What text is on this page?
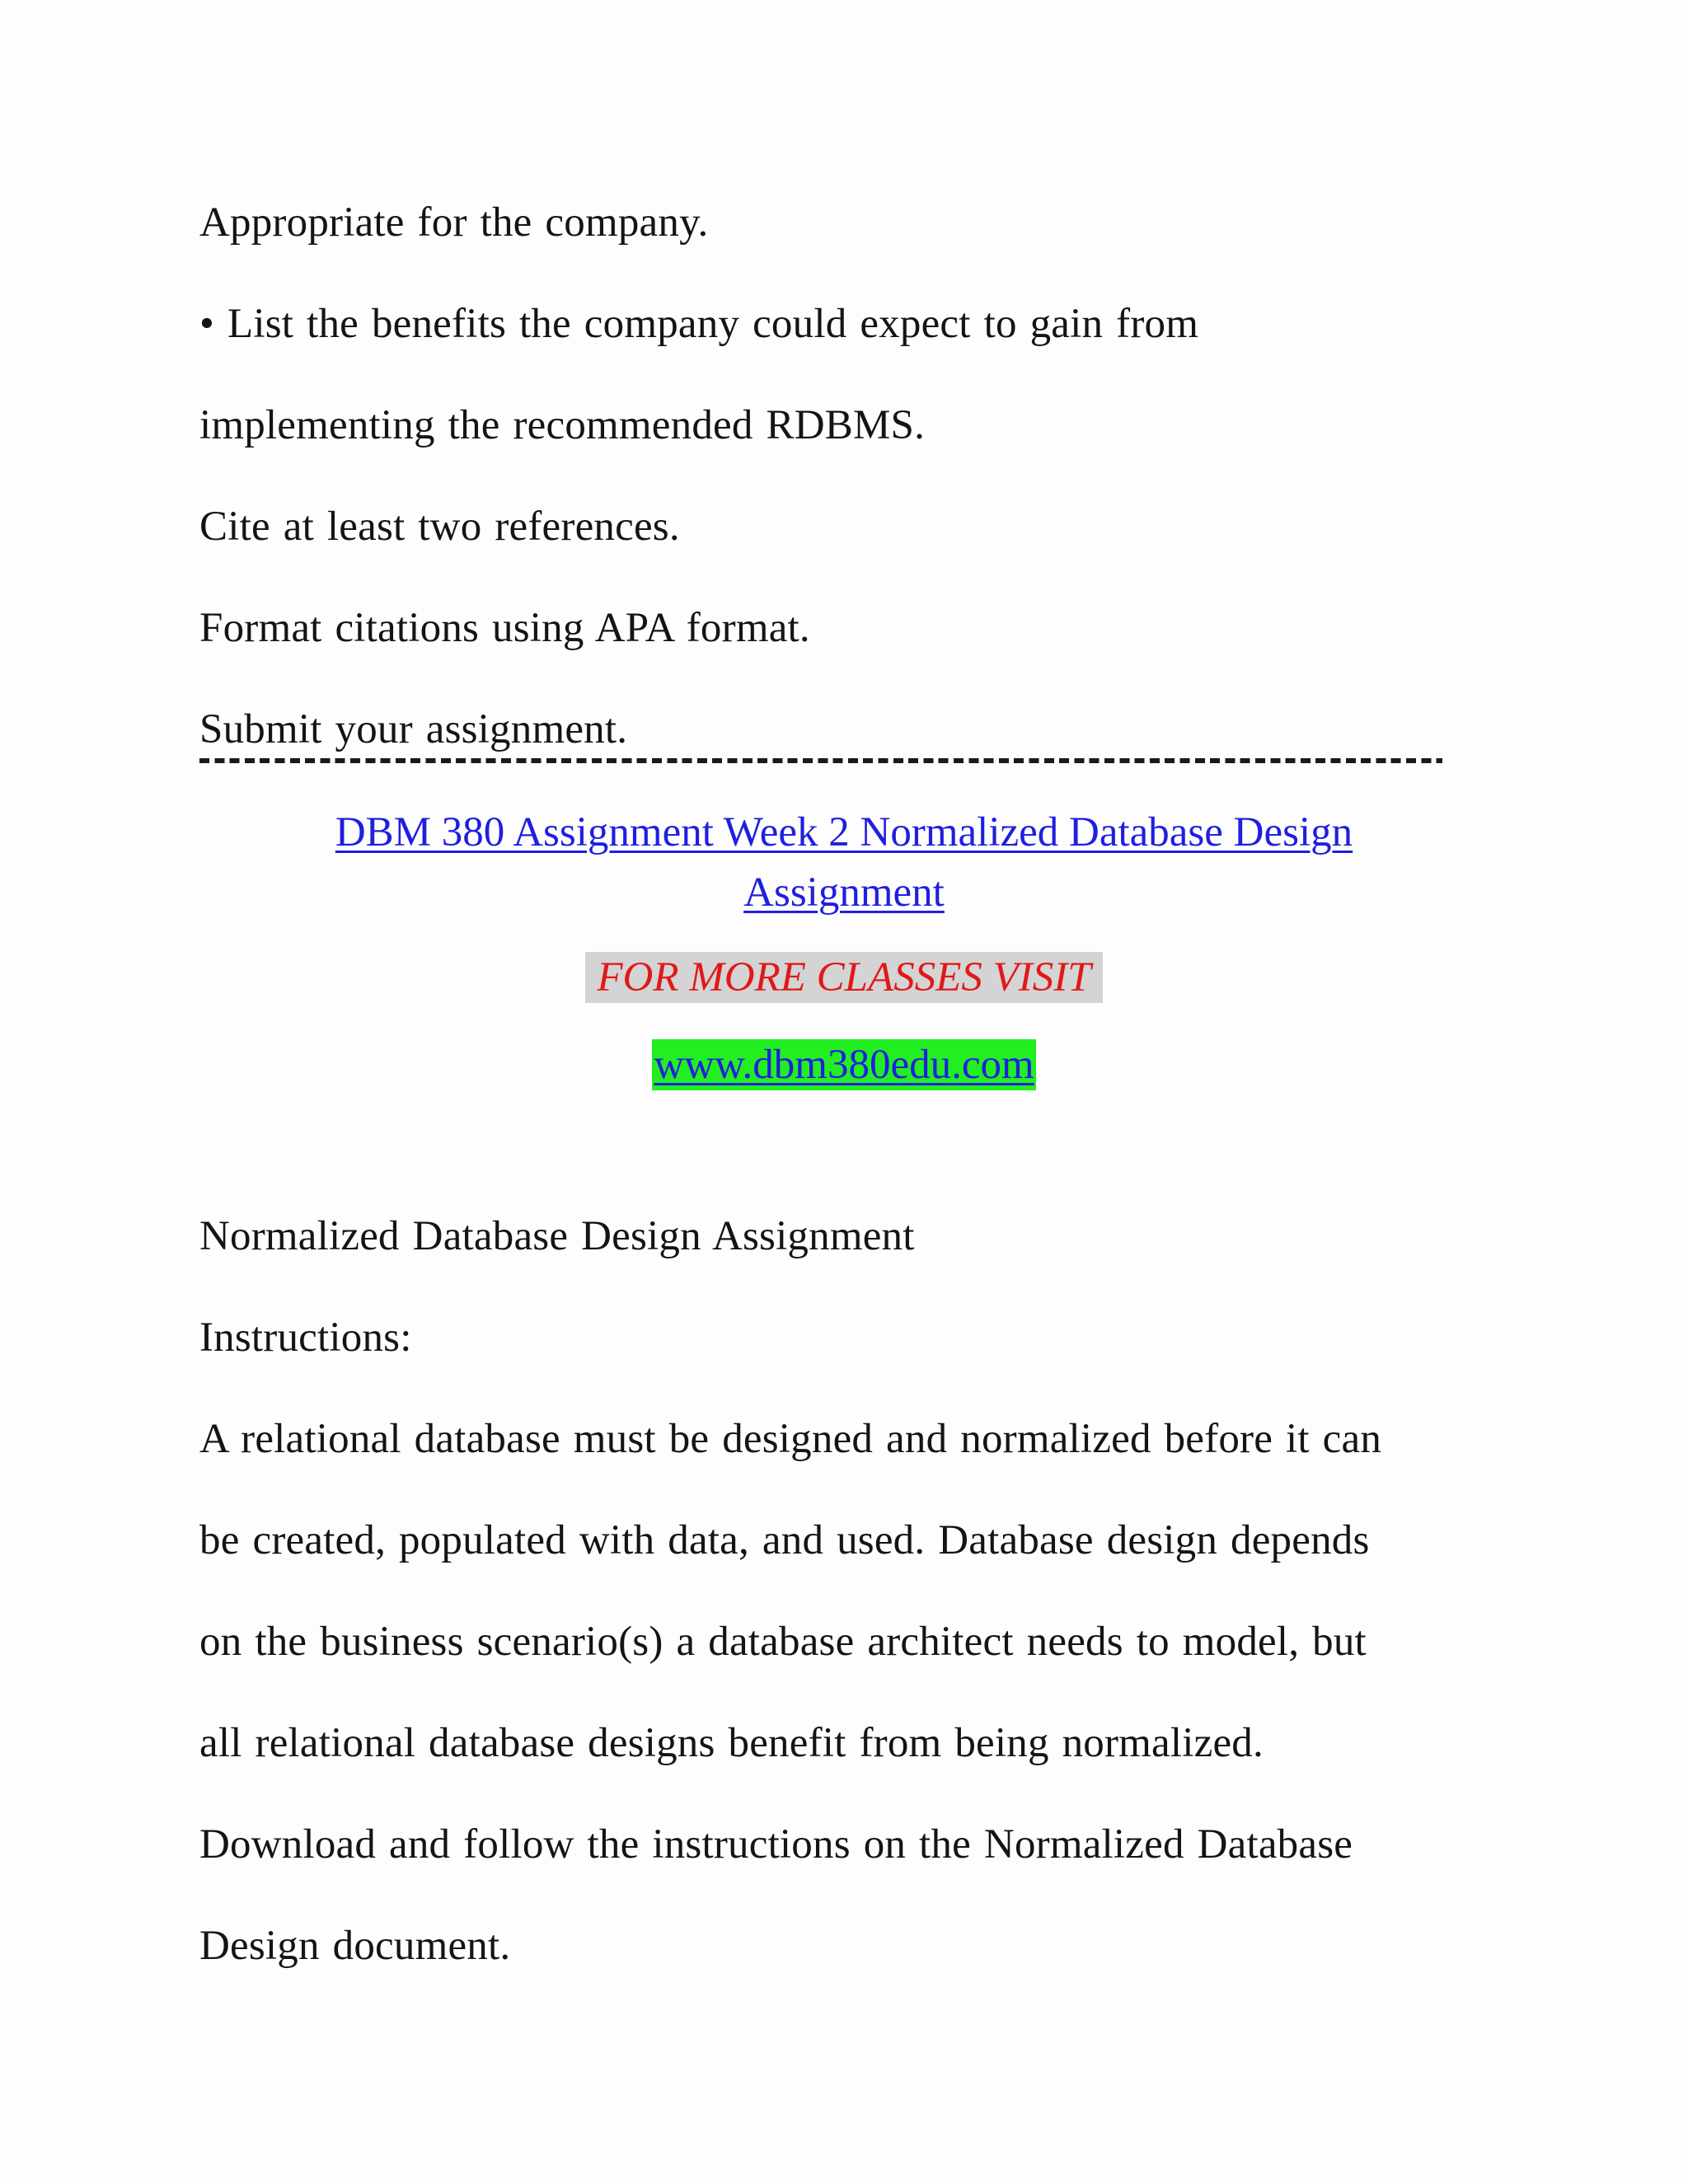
Appropriate for the company.
• List the benefits the company could expect to gain from
implementing the recommended RDBMS.
Cite at least two references.
Format citations using APA format.
Submit your assignment.
DBM 380 Assignment Week 2 Normalized Database Design
Assignment
FOR MORE CLASSES VISIT
www.dbm380edu.com
Normalized Database Design Assignment
Instructions:
A relational database must be designed and normalized before it can
be created, populated with data, and used. Database design depends
on the business scenario(s) a database architect needs to model, but
all relational database designs benefit from being normalized.
Download and follow the instructions on the Normalized Database
Design document.
